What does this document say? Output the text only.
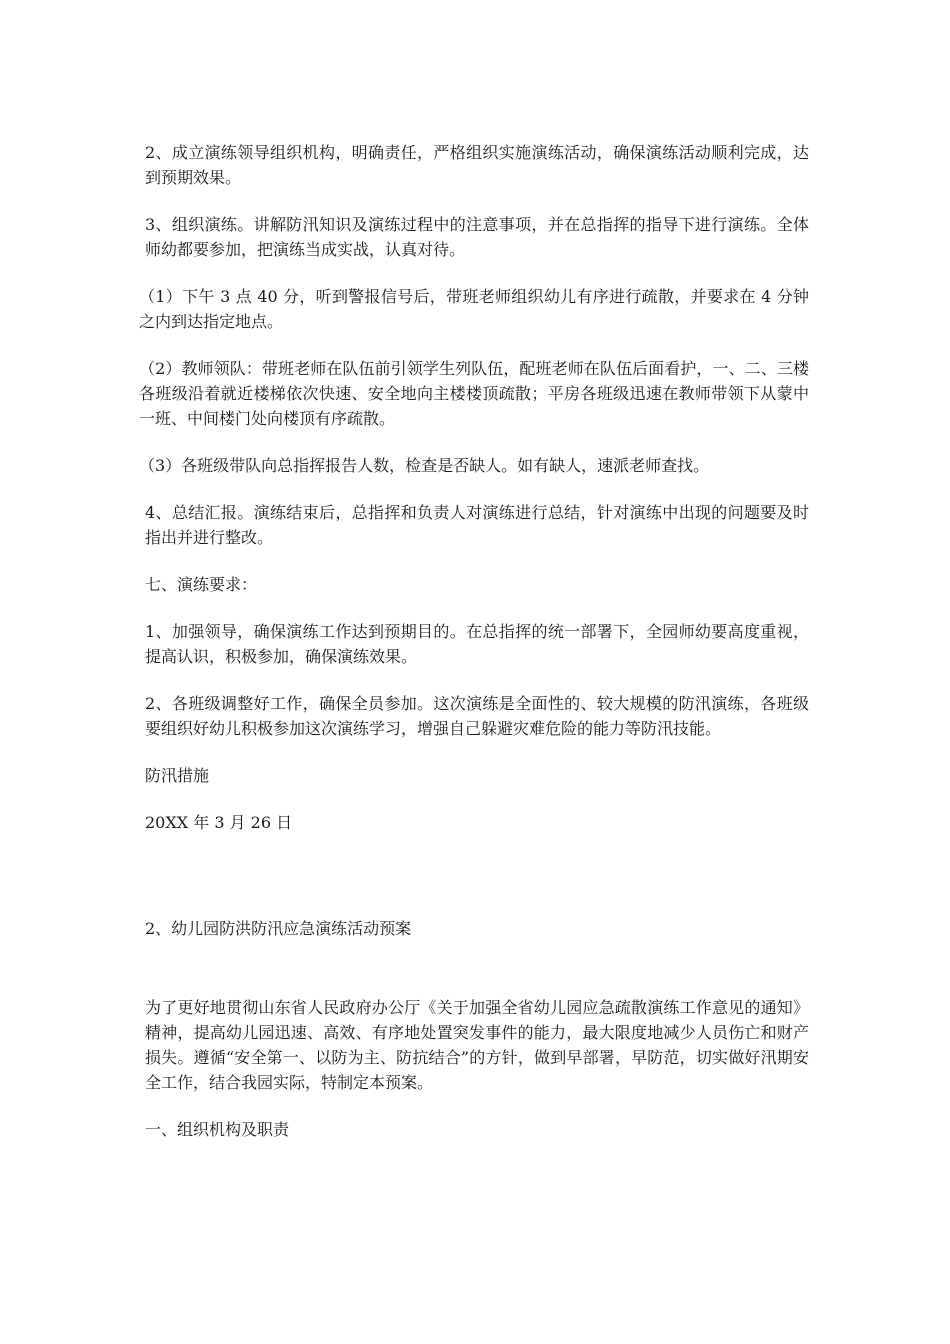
2、成立演练领导组织机构，明确责任，严格组织实施演练活动，确保演练活动顺利完成，达到预期效果。

3、组织演练。讲解防汛知识及演练过程中的注意事项，并在总指挥的指导下进行演练。全体师幼都要参加，把演练当成实战，认真对待。

（1）下午 3 点 40 分，听到警报信号后，带班老师组织幼儿有序进行疏散，并要求在 4 分钟之内到达指定地点。

（2）教师领队：带班老师在队伍前引领学生列队伍，配班老师在队伍后面看护，一、二、三楼各班级沿着就近楼梯依次快速、安全地向主楼楼顶疏散；平房各班级迅速在教师带领下从蒙中一班、中间楼门处向楼顶有序疏散。

（3）各班级带队向总指挥报告人数，检查是否缺人。如有缺人，速派老师查找。

4、总结汇报。演练结束后，总指挥和负责人对演练进行总结，针对演练中出现的问题要及时指出并进行整改。

七、演练要求：

1、加强领导，确保演练工作达到预期目的。在总指挥的统一部署下，全园师幼要高度重视，提高认识，积极参加，确保演练效果。

2、各班级调整好工作，确保全员参加。这次演练是全面性的、较大规模的防汛演练，各班级要组织好幼儿积极参加这次演练学习，增强自己躲避灾难危险的能力等防汛技能。

防汛措施

20XX 年 3 月 26 日

2、幼儿园防洪防汛应急演练活动预案

为了更好地贯彻山东省人民政府办公厅《关于加强全省幼儿园应急疏散演练工作意见的通知》精神，提高幼儿园迅速、高效、有序地处置突发事件的能力，最大限度地减少人员伤亡和财产损失。遵循“安全第一、以防为主、防抗结合”的方针，做到早部署，早防范，切实做好汛期安全工作，结合我园实际，特制定本预案。

一、组织机构及职责
